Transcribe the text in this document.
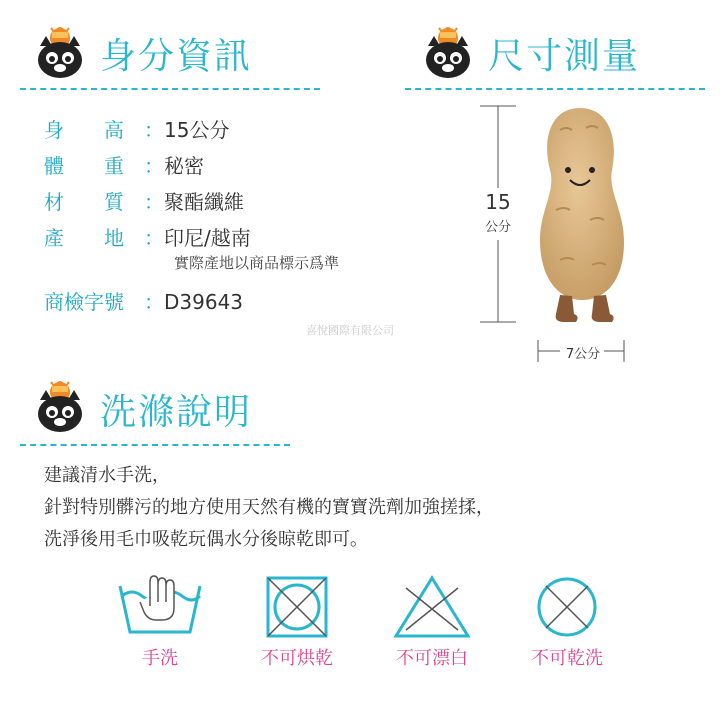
身分資訊	尺寸測量
身　　高 ：15公分
體　　重 ：秘密
材　　質 ：聚酯纖維
產　　地 ：印尼/越南
實際產地以商品標示爲準
商檢字號 ：D39643
喜悅國際有限公司
15
公分
7公分
洗滌說明
建議清水手洗，
針對特別髒污的地方使用天然有機的寶寶洗劑加強搓揉，
洗淨後用毛巾吸乾玩偶水分後晾乾即可。
手洗	不可烘乾	不可漂白	不可乾洗
